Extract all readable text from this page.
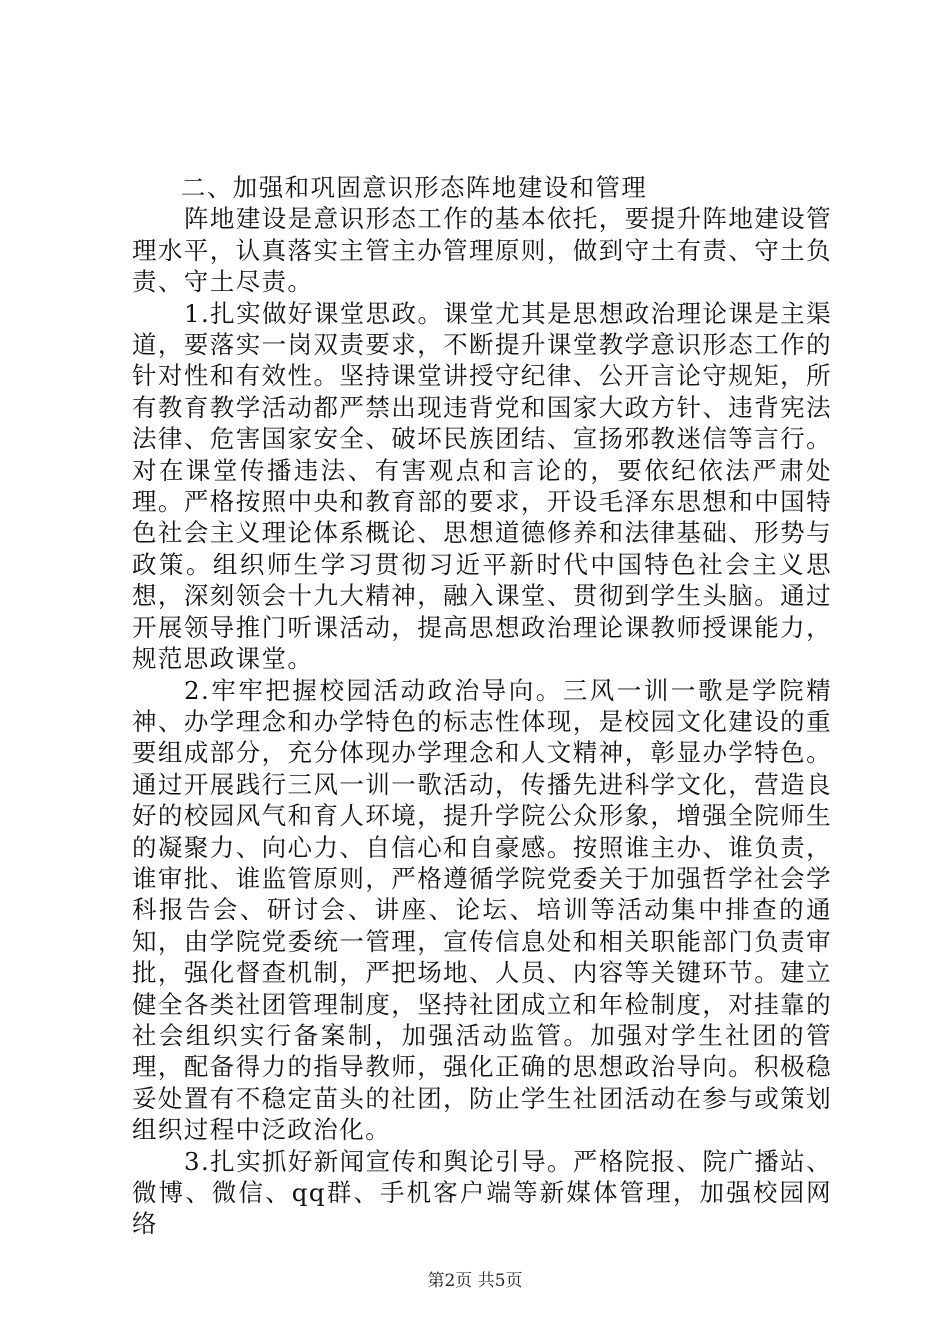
二、加强和巩固意识形态阵地建设和管理

阵地建设是意识形态工作的基本依托，要提升阵地建设管理水平，认真落实主管主办管理原则，做到守土有责、守土负责、守土尽责。

1.扎实做好课堂思政。课堂尤其是思想政治理论课是主渠道，要落实一岗双责要求，不断提升课堂教学意识形态工作的针对性和有效性。坚持课堂讲授守纪律、公开言论守规矩，所有教育教学活动都严禁出现违背党和国家大政方针、违背宪法法律、危害国家安全、破坏民族团结、宣扬邪教迷信等言行。对在课堂传播违法、有害观点和言论的，要依纪依法严肃处理。严格按照中央和教育部的要求，开设毛泽东思想和中国特色社会主义理论体系概论、思想道德修养和法律基础、形势与政策。组织师生学习贯彻习近平新时代中国特色社会主义思想，深刻领会十九大精神，融入课堂、贯彻到学生头脑。通过开展领导推门听课活动，提高思想政治理论课教师授课能力，规范思政课堂。

2.牢牢把握校园活动政治导向。三风一训一歌是学院精神、办学理念和办学特色的标志性体现，是校园文化建设的重要组成部分，充分体现办学理念和人文精神，彰显办学特色。通过开展践行三风一训一歌活动，传播先进科学文化，营造良好的校园风气和育人环境，提升学院公众形象，增强全院师生的凝聚力、向心力、自信心和自豪感。按照谁主办、谁负责，谁审批、谁监管原则，严格遵循学院党委关于加强哲学社会学科报告会、研讨会、讲座、论坛、培训等活动集中排查的通知，由学院党委统一管理，宣传信息处和相关职能部门负责审批，强化督查机制，严把场地、人员、内容等关键环节。建立健全各类社团管理制度，坚持社团成立和年检制度，对挂靠的社会组织实行备案制，加强活动监管。加强对学生社团的管理，配备得力的指导教师，强化正确的思想政治导向。积极稳妥处置有不稳定苗头的社团，防止学生社团活动在参与或策划组织过程中泛政治化。

3.扎实抓好新闻宣传和舆论引导。严格院报、院广播站、微博、微信、qq群、手机客户端等新媒体管理，加强校园网络

第2页 共5页
